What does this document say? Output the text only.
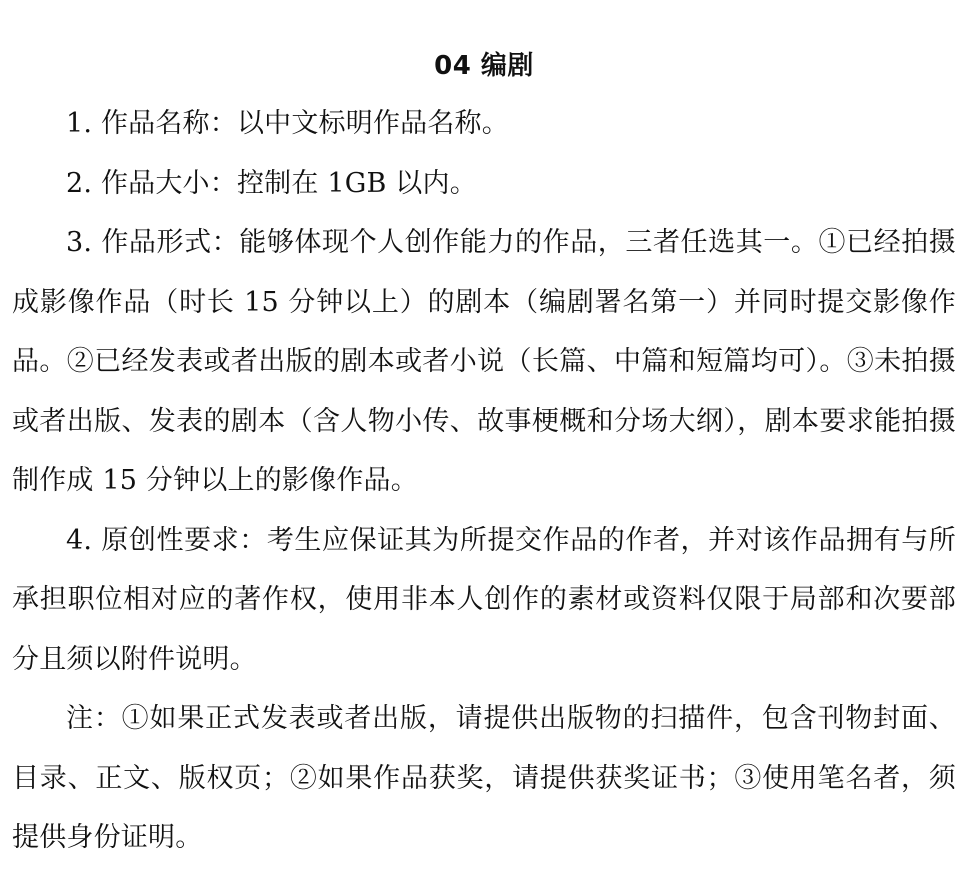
04 编剧

1. 作品名称：以中文标明作品名称。

2. 作品大小：控制在 1GB 以内。

3. 作品形式：能够体现个人创作能力的作品，三者任选其一。①已经拍摄成影像作品（时长 15 分钟以上）的剧本（编剧署名第一）并同时提交影像作品。②已经发表或者出版的剧本或者小说（长篇、中篇和短篇均可）。③未拍摄或者出版、发表的剧本（含人物小传、故事梗概和分场大纲），剧本要求能拍摄制作成 15 分钟以上的影像作品。

4. 原创性要求：考生应保证其为所提交作品的作者，并对该作品拥有与所承担职位相对应的著作权，使用非本人创作的素材或资料仅限于局部和次要部分且须以附件说明。

注：①如果正式发表或者出版，请提供出版物的扫描件，包含刊物封面、目录、正文、版权页；②如果作品获奖，请提供获奖证书；③使用笔名者，须提供身份证明。
